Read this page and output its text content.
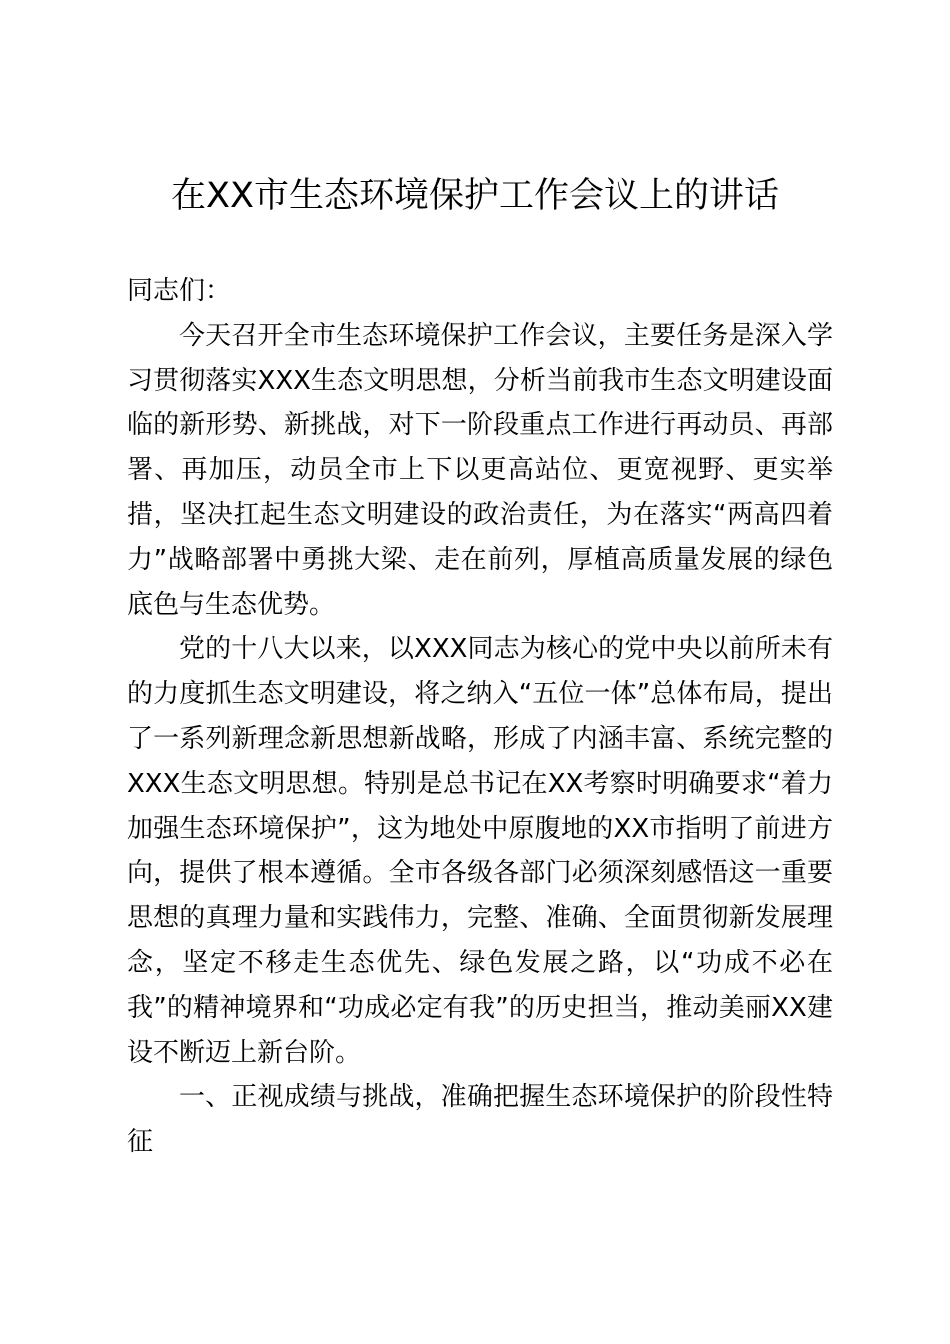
在XX市生态环境保护工作会议上的讲话

同志们：

今天召开全市生态环境保护工作会议，主要任务是深入学习贯彻落实XXX生态文明思想，分析当前我市生态文明建设面临的新形势、新挑战，对下一阶段重点工作进行再动员、再部署、再加压，动员全市上下以更高站位、更宽视野、更实举措，坚决扛起生态文明建设的政治责任，为在落实“两高四着力”战略部署中勇挑大梁、走在前列，厚植高质量发展的绿色底色与生态优势。

党的十八大以来，以XXX同志为核心的党中央以前所未有的力度抓生态文明建设，将之纳入“五位一体”总体布局，提出了一系列新理念新思想新战略，形成了内涵丰富、系统完整的XXX生态文明思想。特别是总书记在XX考察时明确要求“着力加强生态环境保护”，这为地处中原腹地的XX市指明了前进方向，提供了根本遵循。全市各级各部门必须深刻感悟这一重要思想的真理力量和实践伟力，完整、准确、全面贯彻新发展理念，坚定不移走生态优先、绿色发展之路，以“功成不必在我”的精神境界和“功成必定有我”的历史担当，推动美丽XX建设不断迈上新台阶。

一、正视成绩与挑战，准确把握生态环境保护的阶段性特征
